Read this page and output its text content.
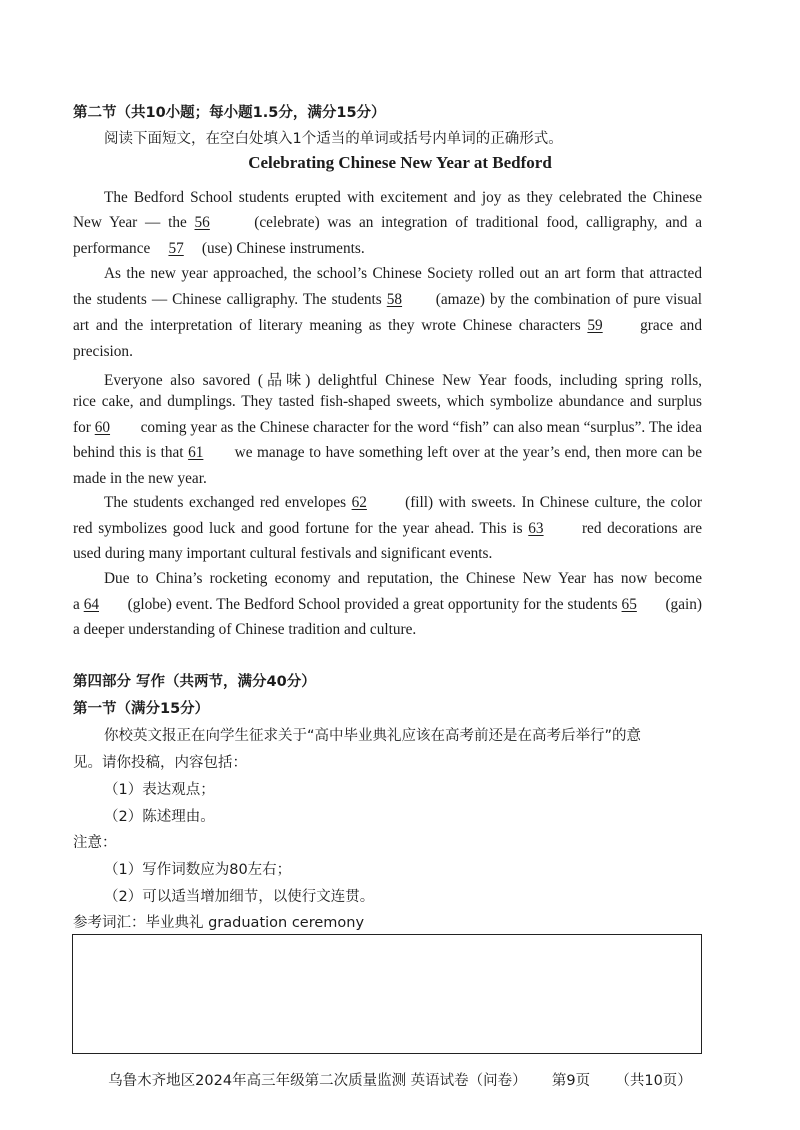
第二节（共10小题；每小题1.5分，满分15分）
阅读下面短文，在空白处填入1个适当的单词或括号内单词的正确形式。
Celebrating Chinese New Year at Bedford
The Bedford School students erupted with excitement and joy as they celebrated the Chinese
New Year — the 56 (celebrate) was an integration of traditional food, calligraphy, and a
performance 57 (use) Chinese instruments.
As the new year approached, the school’s Chinese Society rolled out an art form that attracted
the students — Chinese calligraphy. The students 58 (amaze) by the combination of pure visual
art and the interpretation of literary meaning as they wrote Chinese characters 59 grace and
precision.
Everyone also savored (品味) delightful Chinese New Year foods, including spring rolls,
rice cake, and dumplings. They tasted fish-shaped sweets, which symbolize abundance and surplus
for 60 coming year as the Chinese character for the word “fish” can also mean “surplus”. The idea
behind this is that 61 we manage to have something left over at the year’s end, then more can be
made in the new year.
The students exchanged red envelopes 62 (fill) with sweets. In Chinese culture, the color
red symbolizes good luck and good fortune for the year ahead. This is 63 red decorations are
used during many important cultural festivals and significant events.
Due to China’s rocketing economy and reputation, the Chinese New Year has now become
a 64 (globe) event. The Bedford School provided a great opportunity for the students 65 (gain)
a deeper understanding of Chinese tradition and culture.
第四部分 写作（共两节，满分40分）
第一节（满分15分）
你校英文报正在向学生征求关于“高中毕业典礼应该在高考前还是在高考后举行”的意
见。请你投稿，内容包括：
（1）表达观点；
（2）陈述理由。
注意：
（1）写作词数应为80左右；
（2）可以适当增加细节，以使行文连贯。
参考词汇：毕业典礼 graduation ceremony
乌鲁木齐地区2024年高三年级第二次质量监测 英语试卷（问卷） 第9页 （共10页）
